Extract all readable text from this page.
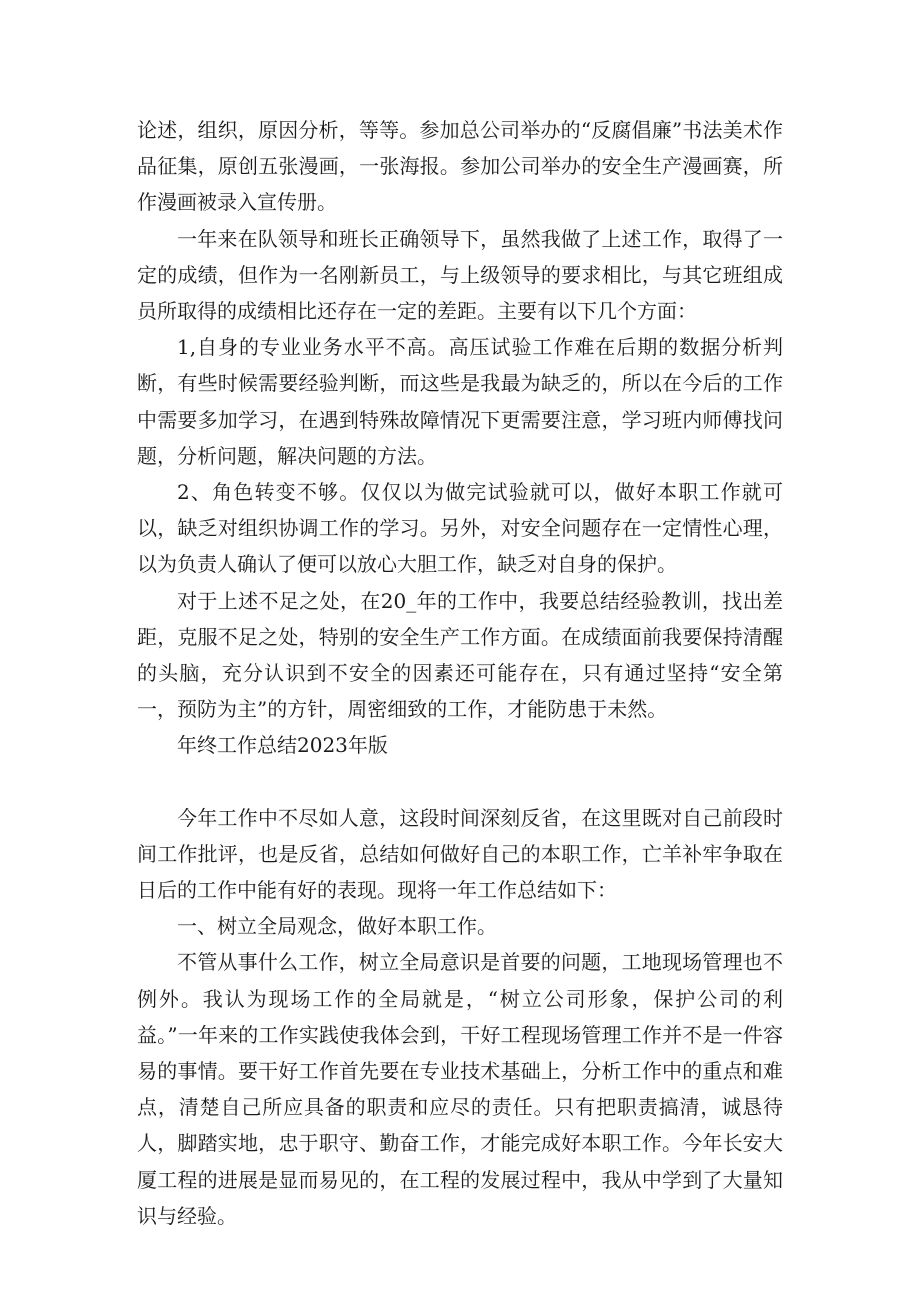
论述，组织，原因分析，等等。参加总公司举办的“反腐倡廉”书法美术作品征集，原创五张漫画，一张海报。参加公司举办的安全生产漫画赛，所作漫画被录入宣传册。

一年来在队领导和班长正确领导下，虽然我做了上述工作，取得了一定的成绩，但作为一名刚新员工，与上级领导的要求相比，与其它班组成员所取得的成绩相比还存在一定的差距。主要有以下几个方面：

1,自身的专业业务水平不高。高压试验工作难在后期的数据分析判断，有些时候需要经验判断，而这些是我最为缺乏的，所以在今后的工作中需要多加学习，在遇到特殊故障情况下更需要注意，学习班内师傅找问题，分析问题，解决问题的方法。

2、角色转变不够。仅仅以为做完试验就可以，做好本职工作就可以，缺乏对组织协调工作的学习。另外，对安全问题存在一定情性心理，以为负责人确认了便可以放心大胆工作，缺乏对自身的保护。

对于上述不足之处，在20_年的工作中，我要总结经验教训，找出差距，克服不足之处，特别的安全生产工作方面。在成绩面前我要保持清醒的头脑，充分认识到不安全的因素还可能存在，只有通过坚持“安全第一，预防为主”的方针，周密细致的工作，才能防患于未然。

年终工作总结2023年版

今年工作中不尽如人意，这段时间深刻反省，在这里既对自己前段时间工作批评，也是反省，总结如何做好自己的本职工作，亡羊补牢争取在日后的工作中能有好的表现。现将一年工作总结如下：

一、树立全局观念，做好本职工作。

不管从事什么工作，树立全局意识是首要的问题，工地现场管理也不例外。我认为现场工作的全局就是，“树立公司形象，保护公司的利益。”一年来的工作实践使我体会到，干好工程现场管理工作并不是一件容易的事情。要干好工作首先要在专业技术基础上，分析工作中的重点和难点，清楚自己所应具备的职责和应尽的责任。只有把职责搞清，诚恳待人，脚踏实地，忠于职守、勤奋工作，才能完成好本职工作。今年长安大厦工程的进展是显而易见的，在工程的发展过程中，我从中学到了大量知识与经验。
